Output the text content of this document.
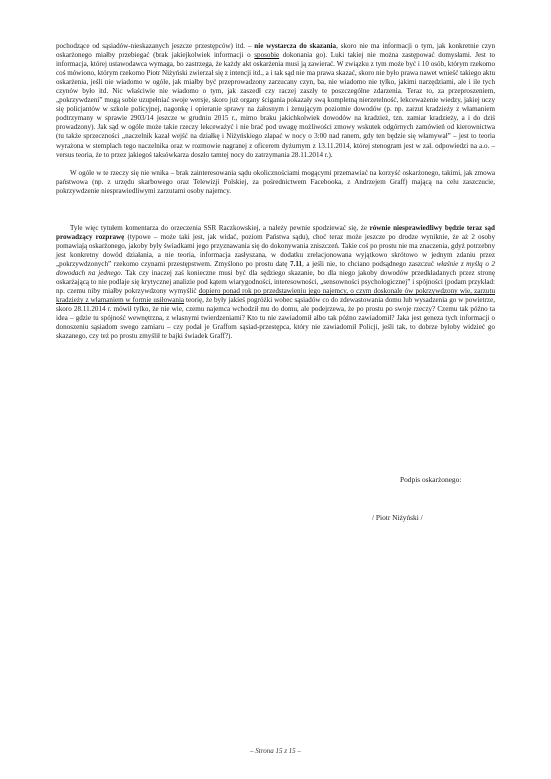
pochodzące od sąsiadów-nieskazanych jeszcze przestępców) itd. – nie wystarcza do skazania, skoro nie ma informacji o tym, jak konkretnie czyn oskarżonego miałby przebiegać (brak jakiejkolwiek informacji o sposobie dokonania go). Luki takiej nie można zastępować domysłami. Jest to informacja, której ustawodawca wymaga, bo zastrzega, że każdy akt oskarżenia musi ją zawierać. W związku z tym może być i 10 osób, którym rzekomo coś mówiono, którym rzekomo Piotr Niżyński zwierzał się z intencji itd., a i tak sąd nie ma prawa skazać, skoro nie było prawa nawet wnieść takiego aktu oskarżenia, jeśli nie wiadomo w ogóle, jak miałby być przeprowadzony zarzucany czyn, ba, nie wiadomo nie tylko, jakimi narzędziami, ale i ile tych czynów było itd. Nic właściwie nie wiadomo o tym, jak zaszedł czy raczej zaszły te poszczególne zdarzenia. Teraz to, za przeproszeniem, „pokrzywdzeni” mogą sobie uzupełniać swoje wersje, skoro już organy ścigania pokazały swą kompletną nierzetelność, lekceważenie wiedzy, jakiej uczy się policjantów w szkole policyjnej, nagonkę i opieranie sprawy na żałosnym i żenującym poziomie dowodów (p. np. zarzut kradzieży z włamaniem podtrzymany w sprawie 2903/14 jeszcze w grudniu 2015 r., mimo braku jakichkolwiek dowodów na kradzież, tzn. zamiar kradzieży, a i do dziś prowadzony). Jak sąd w ogóle może takie rzeczy lekceważyć i nie brać pod uwagę możliwości zmowy wskutek odgórnych zamówień od kierownictwa (tu także sprzeczności „naczelnik kazał wejść na działkę i Niżyńskiego złapać w nocy o 3:00 nad ranem, gdy ten będzie się włamywał” – jest to teoria wyrażona w stemplach tego naczelnika oraz w rozmowie nagranej z oficerem dyżurnym z 13.11.2014, której stenogram jest w zał. odpowiedzi na a.o. – versus teoria, że to przez jakiegoś taksówkarza doszło tamtej nocy do zatrzymania 28.11.2014 r.).

W ogóle w te rzeczy się nie wnika – brak zainteresowania sądu okolicznościami mogącymi przemawiać na korzyść oskarżonego, takimi, jak zmowa państwowa (np. z urzędu skarbowego oraz Telewizji Polskiej, za pośrednictwem Facebooka, z Andrzejem Graff) mającą na celu zaszczucie, pokrzywdzenie niesprawiedliwymi zarzutami osoby najemcy.

Tyle więc tytułem komentarza do orzeczenia SSR Raczkowskiej, a należy pewnie spodziewać się, że równie niesprawiedliwy będzie teraz sąd prowadzący rozprawę (typowe – może taki jest, jak widać, poziom Państwa sądu), choć teraz może jeszcze po drodze wyniknie, że aż 2 osoby pomawiają oskarżonego, jakoby były świadkami jego przyznawania się do dokonywania zniszczeń. Takie coś po prostu nie ma znaczenia, gdyż potrzebny jest konkretny dowód działania, a nie teoria, informacja zasłyszana, w dodatku zrelacjonowana wyjątkowo skrótowo w jednym zdaniu przez „pokrzywdzonych” rzekomo czynami przestępstwem. Zmyślono po prostu datę 7.11, a jeśli nie, to chciano podsądnego zaszczuć właśnie z myślą o 2 dowodach na jednego. Tak czy inaczej zaś konieczne musi być dla sędziego skazanie, bo dla niego jakoby dowodów przedkładanych przez stronę oskarżającą to nie podlaje się krytycznej analizie pod kątem wiarygodności, interesowności, „sensowności psychologicznej” i spójności (podam przykład: np. czemu niby miałby pokrzywdzony wymyślić dopiero ponad rok po przedstawieniu jego najemcy, o czym doskonale ów pokrzywdzony wie, zarzutu kradzieży z włamaniem w formie usiłowania teorię, że były jakieś pogróżki wobec sąsiadów co do zdewastowania domu lub wysadzenia go w powietrze, skoro 28.11.2014 r. mówił tylko, że nie wie, czemu najemca wchodził mu do domu, ale podejrzewa, że po prostu po swoje rzeczy? Czemu tak późno ta idea – gdzie tu spójność wewnętrzna, z własnymi twierdzeniami? Kto tu nie zawiadomił albo tak późno zawiadomił? Jaka jest geneza tych informacji o donoszeniu sąsiadom swego zamiaru – czy podał je Graffom sąsiad-przestępca, który nie zawiadomił Policji, jeśli tak, to dobrze byłoby widzieć go skazanego, czy też po prostu zmyślił te bajki świadek Graff?).

Podpis oskarżonego:
/ Piotr Niżyński /
– Strona 15 z 15 –
